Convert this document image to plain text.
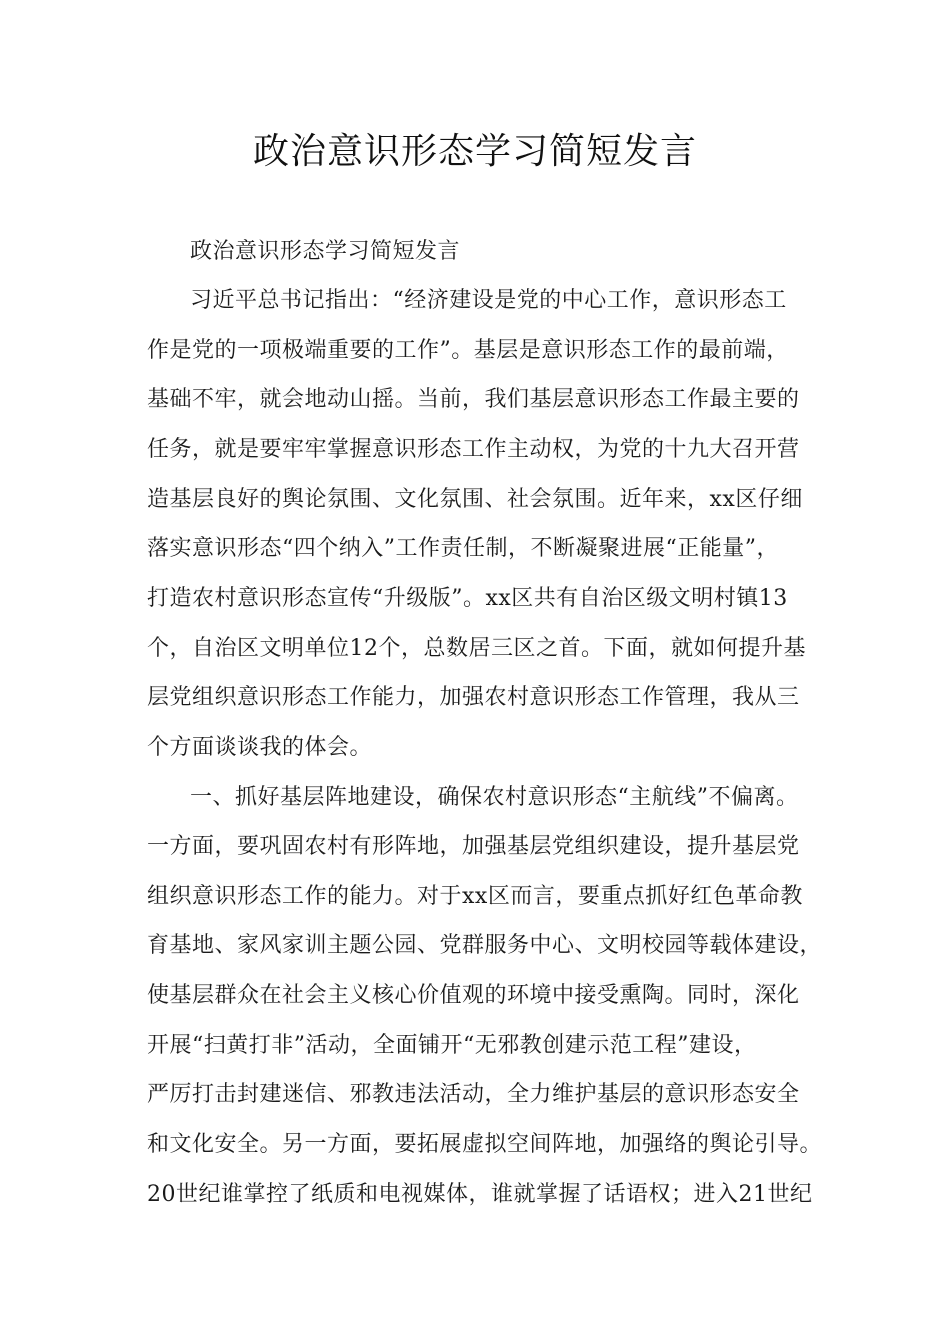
政治意识形态学习简短发言
政治意识形态学习简短发言
习近平总书记指出：“经济建设是党的中心工作，意识形态工
作是党的一项极端重要的工作”。基层是意识形态工作的最前端，
基础不牢，就会地动山摇。当前，我们基层意识形态工作最主要的
任务，就是要牢牢掌握意识形态工作主动权，为党的十九大召开营
造基层良好的舆论氛围、文化氛围、社会氛围。近年来，xx区仔细
落实意识形态“四个纳入”工作责任制，不断凝聚进展“正能量”，
打造农村意识形态宣传“升级版”。xx区共有自治区级文明村镇13
个，自治区文明单位12个，总数居三区之首。下面，就如何提升基
层党组织意识形态工作能力，加强农村意识形态工作管理，我从三
个方面谈谈我的体会。
一、抓好基层阵地建设，确保农村意识形态“主航线”不偏离。
一方面，要巩固农村有形阵地，加强基层党组织建设，提升基层党
组织意识形态工作的能力。对于xx区而言，要重点抓好红色革命教
育基地、家风家训主题公园、党群服务中心、文明校园等载体建设，
使基层群众在社会主义核心价值观的环境中接受熏陶。同时，深化
开展“扫黄打非”活动，全面铺开“无邪教创建示范工程”建设，
严厉打击封建迷信、邪教违法活动，全力维护基层的意识形态安全
和文化安全。另一方面，要拓展虚拟空间阵地，加强络的舆论引导。
20世纪谁掌控了纸质和电视媒体，谁就掌握了话语权；进入21世纪
